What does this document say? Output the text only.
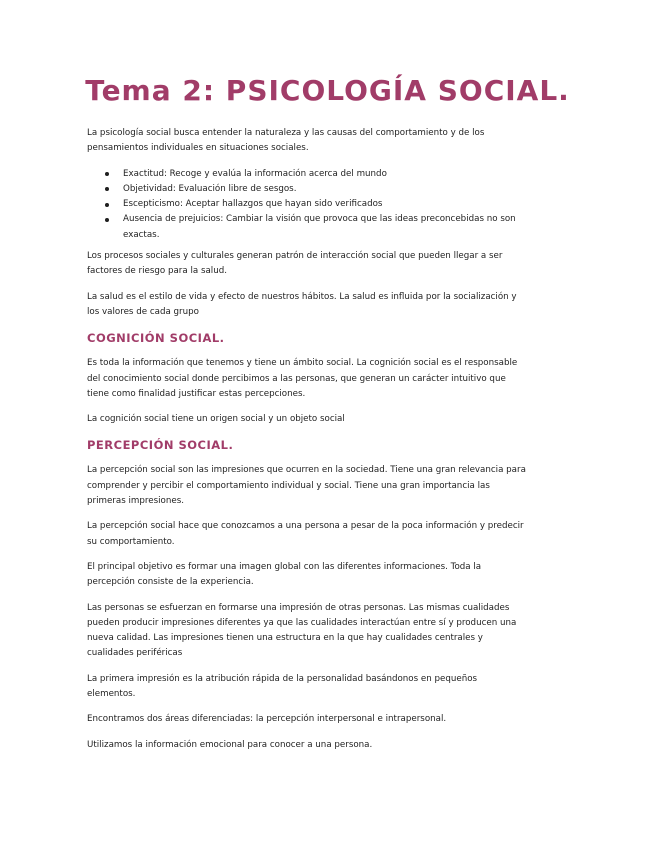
Tema 2: PSICOLOGÍA SOCIAL.

La psicología social busca entender la naturaleza y las causas del comportamiento y de los pensamientos individuales en situaciones sociales.

Exactitud: Recoge y evalúa la información acerca del mundo
Objetividad: Evaluación libre de sesgos.
Escepticismo: Aceptar hallazgos que hayan sido verificados
Ausencia de prejuicios: Cambiar la visión que provoca que las ideas preconcebidas no son exactas.

Los procesos sociales y culturales generan patrón de interacción social que pueden llegar a ser factores de riesgo para la salud.

La salud es el estilo de vida y efecto de nuestros hábitos. La salud es influida por la socialización y los valores de cada grupo

COGNICIÓN SOCIAL.

Es toda la información que tenemos y tiene un ámbito social. La cognición social es el responsable del conocimiento social donde percibimos a las personas, que generan un carácter intuitivo que tiene como finalidad justificar estas percepciones.

La cognición social tiene un origen social y un objeto social

PERCEPCIÓN SOCIAL.

La percepción social son las impresiones que ocurren en la sociedad. Tiene una gran relevancia para comprender y percibir el comportamiento individual y social. Tiene una gran importancia las primeras impresiones.

La percepción social hace que conozcamos a una persona a pesar de la poca información y predecir su comportamiento.

El principal objetivo es formar una imagen global con las diferentes informaciones. Toda la percepción consiste de la experiencia.

Las personas se esfuerzan en formarse una impresión de otras personas. Las mismas cualidades pueden producir impresiones diferentes ya que las cualidades interactúan entre sí y producen una nueva calidad. Las impresiones tienen una estructura en la que hay cualidades centrales y cualidades periféricas

La primera impresión es la atribución rápida de la personalidad basándonos en pequeños elementos.

Encontramos dos áreas diferenciadas: la percepción interpersonal e intrapersonal.

Utilizamos la información emocional para conocer a una persona.
